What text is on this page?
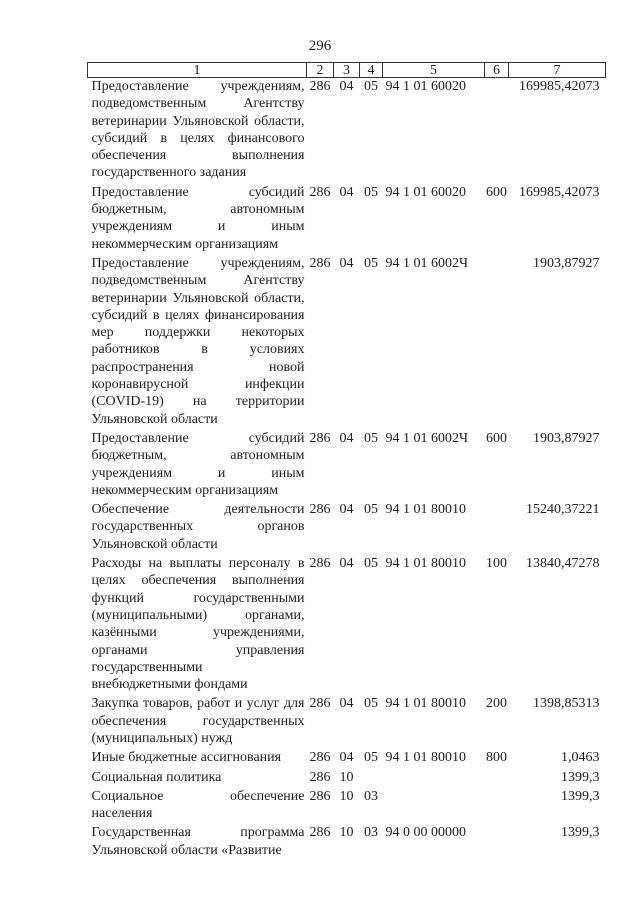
296
1	2	3	4	5	6	7
Предоставление учреждениям, подведомственным Агентству ветеринарии Ульяновской области, субсидий в целях финансового обеспечения выполнения государственного задания	286	04	05	94 1 01 60020		169985,42073
Предоставление субсидий бюджетным, автономным учреждениям и иным некоммерческим организациям	286	04	05	94 1 01 60020	600	169985,42073
Предоставление учреждениям, подведомственным Агентству ветеринарии Ульяновской области, субсидий в целях финансирования мер поддержки некоторых работников в условиях распространения новой коронавирусной инфекции (COVID-19) на территории Ульяновской области	286	04	05	94 1 01 6002Ч		1903,87927
Предоставление субсидий бюджетным, автономным учреждениям и иным некоммерческим организациям	286	04	05	94 1 01 6002Ч	600	1903,87927
Обеспечение деятельности государственных органов Ульяновской области	286	04	05	94 1 01 80010		15240,37221
Расходы на выплаты персоналу в целях обеспечения выполнения функций государственными (муниципальными) органами, казёнными учреждениями, органами управления государственными внебюджетными фондами	286	04	05	94 1 01 80010	100	13840,47278
Закупка товаров, работ и услуг для обеспечения государственных (муниципальных) нужд	286	04	05	94 1 01 80010	200	1398,85313
Иные бюджетные ассигнования	286	04	05	94 1 01 80010	800	1,0463
Социальная политика	286	10				1399,3
Социальное обеспечение населения	286	10	03			1399,3
Государственная программа Ульяновской области «Развитие	286	10	03	94 0 00 00000		1399,3
